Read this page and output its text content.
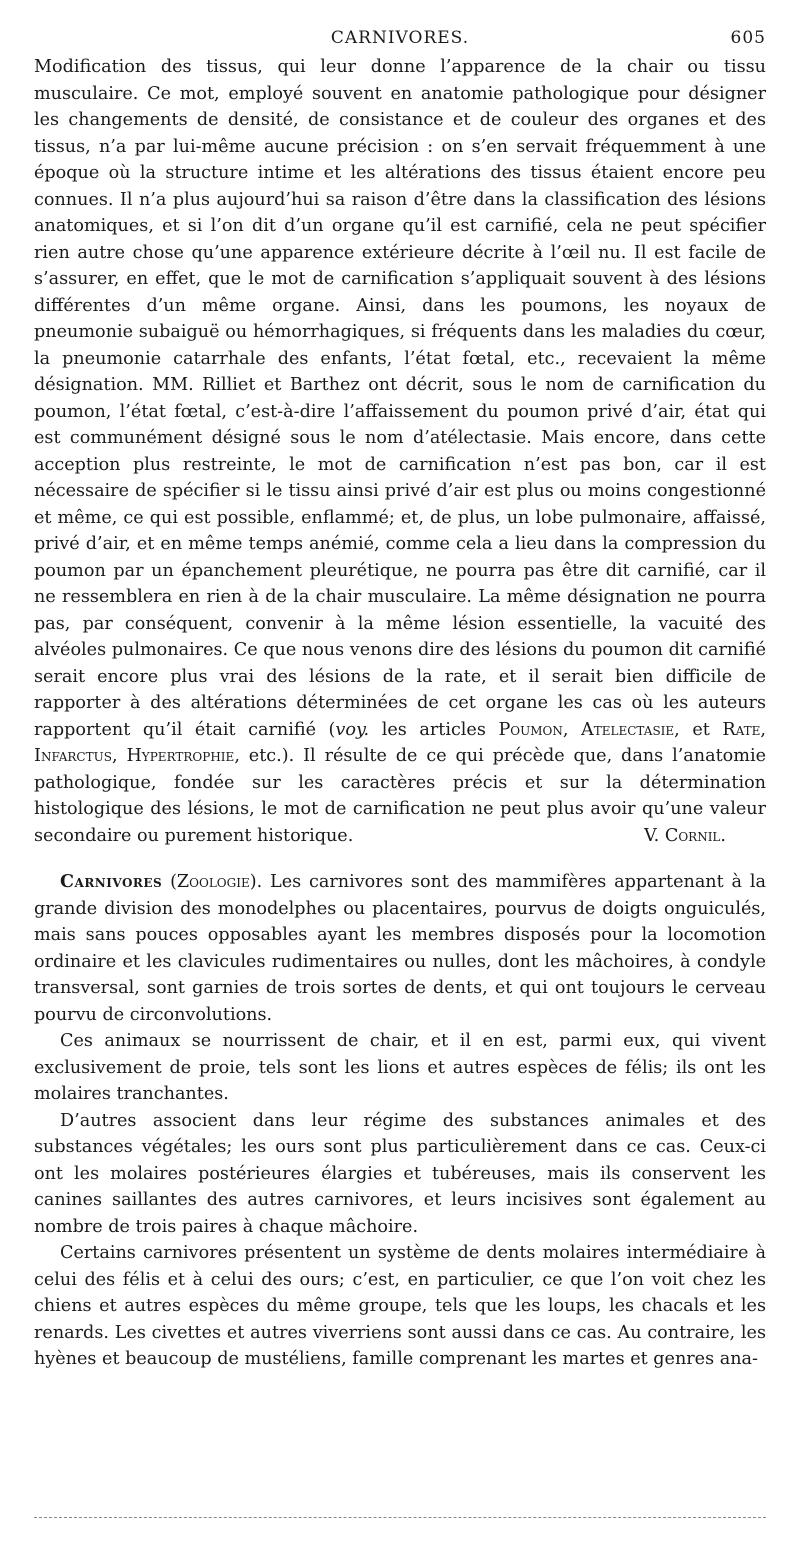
CARNIVORES.	605

Modification des tissus, qui leur donne l’apparence de la chair ou tissu musculaire. Ce mot, employé souvent en anatomie pathologique pour désigner les changements de densité, de consistance et de couleur des organes et des tissus, n’a par lui-même aucune précision : on s’en servait fréquemment à une époque où la structure intime et les altérations des tissus étaient encore peu connues. Il n’a plus aujourd’hui sa raison d’être dans la classification des lésions anatomiques, et si l’on dit d’un organe qu’il est carnifié, cela ne peut spécifier rien autre chose qu’une apparence extérieure décrite à l’œil nu. Il est facile de s’assurer, en effet, que le mot de carnification s’appliquait souvent à des lésions différentes d’un même organe. Ainsi, dans les poumons, les noyaux de pneumonie subaiguë ou hémorrhagiques, si fréquents dans les maladies du cœur, la pneumonie catarrhale des enfants, l’état fœtal, etc., recevaient la même désignation. MM. Rilliet et Barthez ont décrit, sous le nom de carnification du poumon, l’état fœtal, c’est-à-dire l’affaissement du poumon privé d’air, état qui est communément désigné sous le nom d’atélectasie. Mais encore, dans cette acception plus restreinte, le mot de carnification n’est pas bon, car il est nécessaire de spécifier si le tissu ainsi privé d’air est plus ou moins congestionné et même, ce qui est possible, enflammé; et, de plus, un lobe pulmonaire, affaissé, privé d’air, et en même temps anémié, comme cela a lieu dans la compression du poumon par un épanchement pleurétique, ne pourra pas être dit carnifié, car il ne ressemblera en rien à de la chair musculaire. La même désignation ne pourra pas, par conséquent, convenir à la même lésion essentielle, la vacuité des alvéoles pulmonaires. Ce que nous venons dire des lésions du poumon dit carnifié serait encore plus vrai des lésions de la rate, et il serait bien difficile de rapporter à des altérations déterminées de cet organe les cas où les auteurs rapportent qu’il était carnifié (voy. les articles Poumon, Atelectasie, et Rate, Infarctus, Hypertrophie, etc.). Il résulte de ce qui précède que, dans l’anatomie pathologique, fondée sur les caractères précis et sur la détermination histologique des lésions, le mot de carnification ne peut plus avoir qu’une valeur secondaire ou purement historique.	V. Cornil.

Carnivores (Zoologie). Les carnivores sont des mammifères appartenant à la grande division des monodelphes ou placentaires, pourvus de doigts onguiculés, mais sans pouces opposables ayant les membres disposés pour la locomotion ordinaire et les clavicules rudimentaires ou nulles, dont les mâchoires, à condyle transversal, sont garnies de trois sortes de dents, et qui ont toujours le cerveau pourvu de circonvolutions.

Ces animaux se nourrissent de chair, et il en est, parmi eux, qui vivent exclusivement de proie, tels sont les lions et autres espèces de félis; ils ont les molaires tranchantes.

D’autres associent dans leur régime des substances animales et des substances végétales; les ours sont plus particulièrement dans ce cas. Ceux-ci ont les molaires postérieures élargies et tubéreuses, mais ils conservent les canines saillantes des autres carnivores, et leurs incisives sont également au nombre de trois paires à chaque mâchoire.

Certains carnivores présentent un système de dents molaires intermédiaire à celui des félis et à celui des ours; c’est, en particulier, ce que l’on voit chez les chiens et autres espèces du même groupe, tels que les loups, les chacals et les renards. Les civettes et autres viverriens sont aussi dans ce cas. Au contraire, les hyènes et beaucoup de mustéliens, famille comprenant les martes et genres ana-
